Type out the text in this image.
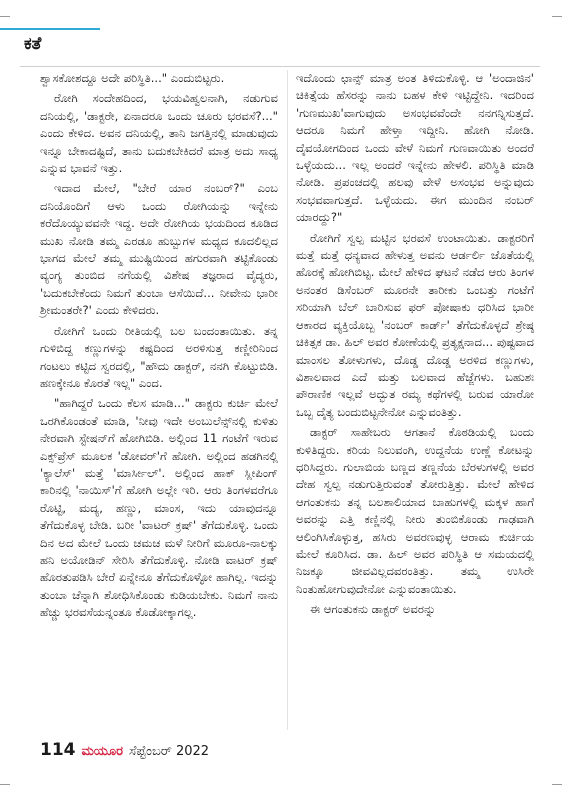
ಕತೆ

ಶ್ವಾಸಕೋಶದ್ದೂ ಅದೇ ಪರಿಸ್ಥಿತಿ..." ಎಂದುಬಿಟ್ಟರು.

ರೋಗಿ ಸಂದೇಹದಿಂದ, ಭಯವಿಹ್ವಲನಾಗಿ, ನಡುಗುವ ದನಿಯಲ್ಲಿ, 'ಡಾಕ್ಟರೇ, ಏನಾದರೂ ಒಂದು ಚೂರು ಭರವಸೆ?..." ಎಂದು ಕೇಳಿದ. ಅವನ ದನಿಯಲ್ಲಿ, ತಾನಿ ಜಗತ್ತಿನಲ್ಲಿ ಮಾಡುವುದು ಇನ್ನೂ ಬೇಕಾದಷ್ಟಿದೆ, ತಾನು ಬದುಕಬೇಕಿದರೆ ಮಾತ್ರ ಅದು ಸಾಧ್ಯ ಎನ್ನುವ ಭಾವನೆ ಇತ್ತು.

ಇದಾದ ಮೇಲೆ, "ಬೇರೆ ಯಾರ ನಂಬರ್‌?" ಎಂಬ ದನಿಯೊಂದಿಗೆ ಆಳು ಒಂದು ರೋಗಿಯನ್ನು ಇನ್ನೇನು ಕರೆದೊಯ್ಯುವವನೇ ಇದ್ದ. ಅದೇ ರೋಗಿಯ ಭಯದಿಂದ ಕೂಡಿದ ಮುಖ ನೋಡಿ ತಮ್ಮ ಎರಡೂ ಹುಬ್ಬುಗಳ ಮಧ್ಯದ ಕೂದಲಿಲ್ಲದ ಭಾಗದ ಮೇಲೆ ತಮ್ಮ ಮುಷ್ಟಿಯಿಂದ ಹಗುರವಾಗಿ ತಟ್ಟಿಕೊಂಡು ವ್ಯಂಗ್ಯ ತುಂಬಿದ ನಗೆಯಲ್ಲಿ ವಿಶೇಷ ತಜ್ಞರಾದ ವೈದ್ಯರು, 'ಬದುಕಬೇಕೆಂದು ನಿಮಗೆ ತುಂಬಾ ಆಸೆಯಿದೆ... ನೀವೇನು ಭಾರೀ ಶ್ರೀಮಂತರೇ?' ಎಂದು ಕೇಳಿದರು.

ರೋಗಿಗೆ ಒಂದು ರೀತಿಯಲ್ಲಿ ಬಲ ಬಂದಂತಾಯಿತು. ತನ್ನ ಗುಳಿಬಿದ್ದ ಕಣ್ಣುಗಳನ್ನು ಕಷ್ಟದಿಂದ ಅರಳಿಸುತ್ತ ಕಣ್ಣೀರಿನಿಂದ ಗಂಟಲು ಕಟ್ಟಿದ ಸ್ವರದಲ್ಲಿ, "ಹೌದು ಡಾಕ್ಟರ್‌, ನನಗಿ ಕೊಟ್ಟುಬಿಡಿ. ಹಣಕ್ಕೇನೂ ಕೊರತೆ ಇಲ್ಲ" ಎಂದ.

"ಹಾಗಿದ್ದರೆ ಒಂದು ಕೆಲಸ ಮಾಡಿ..." ಡಾಕ್ಟರು ಕುರ್ಚಿ ಮೇಲೆ ಒರಗಿಕೊಂಡಂತೆ ಮಾಡಿ, 'ನೀವು ಇದೇ ಅಂಬುಲೆನ್ಸ್‌ನಲ್ಲಿ ಕುಳಿತು ನೇರವಾಗಿ ಸ್ಟೇಷನ್‌ಗೆ ಹೋಗಿಬಿಡಿ. ಅಲ್ಲಿಂದ 11 ಗಂಟೆಗೆ ಇರುವ ಎಕ್ಸ್‌ಪ್ರೆಸ್‌ ಮೂಲಕ 'ಡೋವರ್‌'ಗೆ ಹೋಗಿ. ಅಲ್ಲಿಂದ ಹಡಗಿನಲ್ಲಿ 'ಕ್ಯಾಲೆಸ್‌' ಮತ್ತೆ 'ಮಾರ್ಸೀಲ್‌'. ಅಲ್ಲಿಂದ ಹಾಕ್‌ ಸ್ಲೀಪಿಂಗ್‌ ಕಾರಿನಲ್ಲಿ 'ನಾಯಿಸ್‌'ಗೆ ಹೋಗಿ ಅಲ್ಲೇ ಇರಿ. ಆರು ತಿಂಗಳವರೆಗೂ ರೊಟ್ಟಿ, ಮದ್ಯ, ಹಣ್ಣು, ಮಾಂಸ, ಇದು ಯಾವುದನ್ನೂ ತೆಗೆದುಕೊಳ್ಳ ಬೇಡಿ. ಬರೀ 'ವಾಟರ್‌ ಕ್ರಷ್‌' ತೆಗೆದುಕೊಳ್ಳಿ. ಒಂದು ದಿನ ಅದ ಮೇಲೆ ಒಂದು ಚಮಚ ಮಳೆ ನೀರಿಗೆ ಮೂರೂ-ನಾಲಕ್ಕು ಹನಿ ಅಯೋಡಿನ್‌ ಸೇರಿಸಿ ತೆಗೆದುಕೊಳ್ಳಿ. ನೋಡಿ ವಾಟರ್‌ ಕ್ರಷ್‌ ಹೊರತುಪಡಿಸಿ ಬೇರೆ ಏನ್ನೇನೂ ತೆಗೆದುಕೊಳ್ಳೋ ಹಾಗಿಲ್ಲ. ಇದನ್ನು ತುಂಬಾ ಚೆನ್ನಾಗಿ ಶೋಧಿಸಿಕೊಂಡು ಕುಡಿಯಬೇಕು. ನಿಮಗೆ ನಾನು ಹೆಚ್ಚು ಭರವಸೆಯನ್ನಂತೂ ಕೊಡೋಕ್ಕಾಗಲ್ಲ.

ಇದೊಂದು ಛಾನ್ಸ್‌ ಮಾತ್ರ ಅಂತ ತಿಳಿದುಕೊಳ್ಳಿ. ಆ 'ಅಂದಾಜಿನ' ಚಿಕಿತ್ಸೆಯ ಹೆಸರನ್ನು ನಾನು ಬಹಳ ಕೇಳಿ ಇಟ್ಟಿದ್ದೇನಿ. ಇದರಿಂದ 'ಗುಣಮುಖ'ವಾಗುವುದು ಅಸಂಭವವೆಂದೇ ನನಗನ್ನಿಸುತ್ತದೆ. ಆದರೂ ನಿಮಗೆ ಹೇಳ್ತಾ ಇದ್ದೀನಿ. ಹೋಗಿ ನೋಡಿ. ದೈವಯೋಗದಿಂದ ಒಂದು ವೇಳೆ ನಿಮಗೆ ಗುಣವಾಯಿತು ಅಂದರೆ ಒಳ್ಳೆಯದು... ಇಲ್ಲ ಅಂದರೆ ಇನ್ನೇನು ಹೇಳಲಿ. ಪರಿಸ್ಥಿತಿ ಮಾಡಿ ನೋಡಿ. ಪ್ರಪಂಚದಲ್ಲಿ ಹಲವು ವೇಳೆ ಅಸಂಭವ ಅನ್ನುವುದು ಸಂಭವವಾಗುತ್ತದೆ. ಒಳ್ಳೆಯದು. ಈಗ ಮುಂದಿನ ನಂಬರ್‌ ಯಾರದ್ದು?"

ರೋಗಿಗೆ ಸ್ವಲ್ಪ ಮಟ್ಟಿನ ಭರವಸೆ ಉಂಟಾಯಿತು. ಡಾಕ್ಟರರಿಗೆ ಮತ್ತೆ ಮತ್ತೆ ಧನ್ಯವಾದ ಹೇಳುತ್ತ ಅವನು ಆರ್ಡರ್ಲಿ ಜೊತೆಯಲ್ಲಿ ಹೊರಕ್ಕೆ ಹೋಗಿಬಿಟ್ಟ. ಮೇಲೆ ಹೇಳಿದ ಘಟನೆ ನಡೆದ ಆರು ತಿಂಗಳ ಅನಂತರ ಡಿಸೆಂಬರ್‌ ಮೂರನೇ ತಾರೀಕು ಒಂಬತ್ತು ಗಂಟೆಗೆ ಸರಿಯಾಗಿ ಬೆಲ್‌ ಬಾರಿಸುವ ಫರ್‌ ಪೋಷಾಕು ಧರಿಸಿದ ಭಾರೀ ಆಕಾರದ ವ್ಯಕ್ತಿಯೊಬ್ಬ 'ನಂಬರ್‌ ಕಾರ್ಡ್‌' ತೆಗೆದುಕೊಳ್ಳದೆ ಶ್ರೇಷ್ಠ ಚಿಕಿತ್ಸಕ ಡಾ. ಹಿಲ್‌ ಅವರ ಕೋಣೆಯಲ್ಲಿ ಪ್ರತ್ಯಕ್ಷನಾದ... ಪುಷ್ಟವಾದ ಮಾಂಸಲ ತೋಳುಗಳು, ದೊಡ್ಡ ದೊಡ್ಡ ಅರಳಿದ ಕಣ್ಣುಗಳು, ವಿಶಾಲವಾದ ಎದೆ ಮತ್ತು ಬಲವಾದ ಹೆಜ್ಜೆಗಳು. ಬಹುಶಃ ಪೌರಾಣಿಕ ಇಲ್ಲವೆ ಅದ್ಭುತ ರಮ್ಯ ಕಥೆಗಳಲ್ಲಿ ಬರುವ ಯಾರೋ ಒಬ್ಬ ದೈತ್ಯ ಬಂದುಬಿಟ್ಟನೇನೋ ಎನ್ನುವಂತಿತ್ತು.

ಡಾಕ್ಟರ್‌ ಸಾಹೇಬರು ಆಗತಾನೆ ಕೊಠಡಿಯಲ್ಲಿ ಬಂದು ಕುಳಿತಿದ್ದರು. ಕರಿಯ ನಿಲುವಂಗಿ, ಉದ್ದನೆಯ ಉಣ್ಣೆ ಕೋಟನ್ನು ಧರಿಸಿದ್ದರು. ಗುಲಾಬಿಯ ಬಣ್ಣದ ತಣ್ಣನೆಯ ಬೆರಳುಗಳಲ್ಲಿ ಅವರ ದೇಹ ಸ್ವಲ್ಪ ನಡುಗುತ್ತಿರುವಂತೆ ತೋರುತ್ತಿತ್ತು. ಮೇಲೆ ಹೇಳಿದ ಆಗಂತುಕನು ತನ್ನ ಬಲಶಾಲಿಯಾದ ಬಾಹುಗಳಲ್ಲಿ ಮಕ್ಕಳ ಹಾಗೆ ಅವರನ್ನು ಎತ್ತಿ ಕಣ್ಣಿನಲ್ಲಿ ನೀರು ತುಂಬಿಕೊಂಡು ಗಾಢವಾಗಿ ಆಲಿಂಗಿಸಿಕೊಳ್ಳುತ್ತ, ಹಸಿರು ಅವರಣವುಳ್ಳ ಆರಾಮ ಕುರ್ಚಿಯ ಮೇಲೆ ಕೂರಿಸಿದ. ಡಾ. ಹಿಲ್‌ ಅವರ ಪರಿಸ್ಥಿತಿ ಆ ಸಮಯದಲ್ಲಿ ನಿಜಕ್ಕೂ ಜೀವವಿಲ್ಲದವರಂತಿತ್ತು. ತಮ್ಮ ಉಸಿರೇ ನಿಂತುಹೋಗುವುದೇನೋ ಎನ್ನುವಂತಾಯಿತು.

ಈ ಆಗಂತುಕನು ಡಾಕ್ಟರ್‌ ಅವರನ್ನು

114 ಮಯೂರ ಸೆಪ್ಟೆಂಬರ್‌ 2022
